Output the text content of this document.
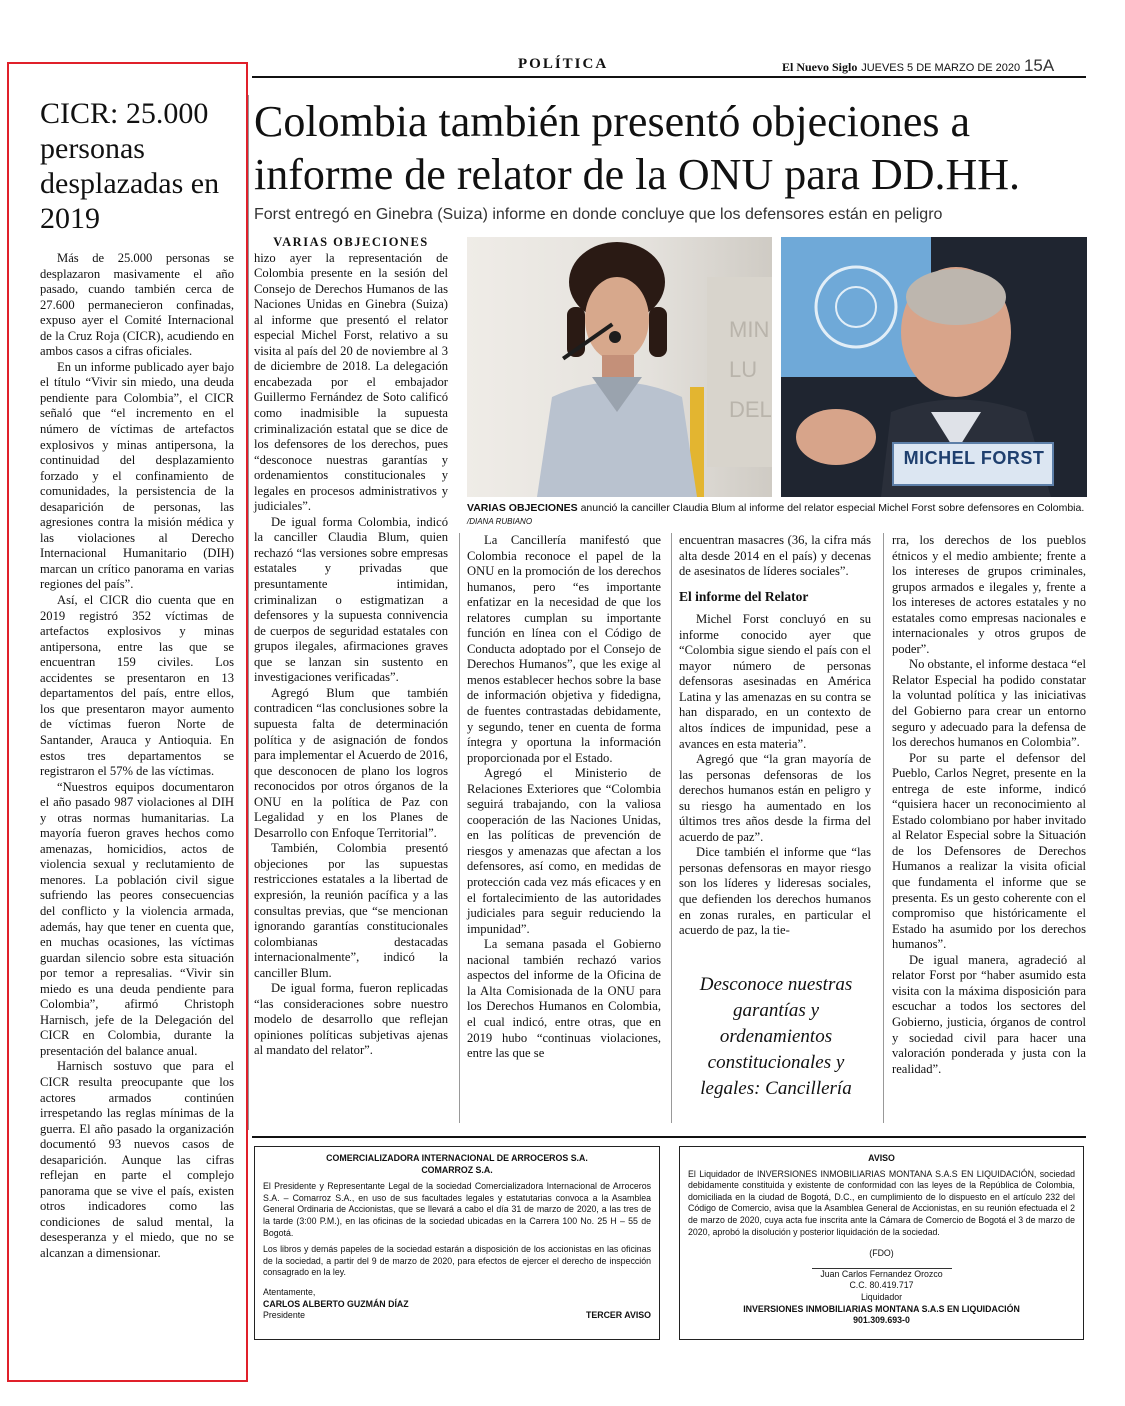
POLÍTICA	El Nuevo Siglo JUEVES 5 DE MARZO DE 2020 15A
CICR: 25.000 personas desplazadas en 2019

Más de 25.000 personas se desplazaron masivamente el año pasado, cuando también cerca de 27.600 permanecieron confinadas, expuso ayer el Comité Internacional de la Cruz Roja (CICR), acudiendo en ambos casos a cifras oficiales.

En un informe publicado ayer bajo el título “Vivir sin miedo, una deuda pendiente para Colombia”, el CICR señaló que “el incremento en el número de víctimas de artefactos explosivos y minas antipersona, la continuidad del desplazamiento forzado y el confinamiento de comunidades, la persistencia de la desaparición de personas, las agresiones contra la misión médica y las violaciones al Derecho Internacional Humanitario (DIH) marcan un crítico panorama en varias regiones del país”.

Así, el CICR dio cuenta que en 2019 registró 352 víctimas de artefactos explosivos y minas antipersona, entre las que se encuentran 159 civiles. Los accidentes se presentaron en 13 departamentos del país, entre ellos, los que presentaron mayor aumento de víctimas fueron Norte de Santander, Arauca y Antioquia. En estos tres departamentos se registraron el 57% de las víctimas.

“Nuestros equipos documentaron el año pasado 987 violaciones al DIH y otras normas humanitarias. La mayoría fueron graves hechos como amenazas, homicidios, actos de violencia sexual y reclutamiento de menores. La población civil sigue sufriendo las peores consecuencias del conflicto y la violencia armada, además, hay que tener en cuenta que, en muchas ocasiones, las víctimas guardan silencio sobre esta situación por temor a represalias. “Vivir sin miedo es una deuda pendiente para Colombia”, afirmó Christoph Harnisch, jefe de la Delegación del CICR en Colombia, durante la presentación del balance anual.

Harnisch sostuvo que para el CICR resulta preocupante que los actores armados continúen irrespetando las reglas mínimas de la guerra. El año pasado la organización documentó 93 nuevos casos de desaparición. Aunque las cifras reflejan en parte el complejo panorama que se vive el país, existen otros indicadores como las condiciones de salud mental, la desesperanza y el miedo, que no se alcanzan a dimensionar.

Colombia también presentó objeciones a informe de relator de la ONU para DD.HH.
Forst entregó en Ginebra (Suiza) informe en donde concluye que los defensores están en peligro
VARIAS OBJECIONES

hizo ayer la representación de Colombia presente en la sesión del Consejo de Derechos Humanos de las Naciones Unidas en Ginebra (Suiza) al informe que presentó el relator especial Michel Forst, relativo a su visita al país del 20 de noviembre al 3 de diciembre de 2018. La delegación encabezada por el embajador Guillermo Fernández de Soto calificó como inadmisible la supuesta criminalización estatal que se dice de los defensores de los derechos, pues “desconoce nuestras garantías y ordenamientos constitucionales y legales en procesos administrativos y judiciales”.

De igual forma Colombia, indicó la canciller Claudia Blum, quien rechazó “las versiones sobre empresas estatales y privadas que presuntamente intimidan, criminalizan o estigmatizan a defensores y la supuesta connivencia de cuerpos de seguridad estatales con grupos ilegales, afirmaciones graves que se lanzan sin sustento en investigaciones verificadas”.

Agregó Blum que también contradicen “las conclusiones sobre la supuesta falta de determinación política y de asignación de fondos para implementar el Acuerdo de 2016, que desconocen de plano los logros reconocidos por otros órganos de la ONU en la política de Paz con Legalidad y en los Planes de Desarrollo con Enfoque Territorial”.

También, Colombia presentó objeciones por las supuestas restricciones estatales a la libertad de expresión, la reunión pacífica y a las consultas previas, que “se mencionan ignorando garantías constitucionales colombianas destacadas internacionalmente”, indicó la canciller Blum.

De igual forma, fueron replicadas “las consideraciones sobre nuestro modelo de desarrollo que reflejan opiniones políticas subjetivas ajenas al mandato del relator”.

MIN
LU
DEL
MICHEL FORST
VARIAS OBJECIONES anunció la canciller Claudia Blum al informe del relator especial Michel Forst sobre defensores en Colombia. /DIANA RUBIANO

La Cancillería manifestó que Colombia reconoce el papel de la ONU en la promoción de los derechos humanos, pero “es importante enfatizar en la necesidad de que los relatores cumplan su importante función en línea con el Código de Conducta adoptado por el Consejo de Derechos Humanos”, que les exige al menos establecer hechos sobre la base de información objetiva y fidedigna, de fuentes contrastadas debidamente, y segundo, tener en cuenta de forma íntegra y oportuna la información proporcionada por el Estado.

Agregó el Ministerio de Relaciones Exteriores que “Colombia seguirá trabajando, con la valiosa cooperación de las Naciones Unidas, en las políticas de prevención de riesgos y amenazas que afectan a los defensores, así como, en medidas de protección cada vez más eficaces y en el fortalecimiento de las autoridades judiciales para seguir reduciendo la impunidad”.

La semana pasada el Gobierno nacional también rechazó varios aspectos del informe de la Oficina de la Alta Comisionada de la ONU para los Derechos Humanos en Colombia, el cual indicó, entre otras, que en 2019 hubo “continuas violaciones, entre las que se

encuentran masacres (36, la cifra más alta desde 2014 en el país) y decenas de asesinatos de líderes sociales”.

El informe del Relator

Michel Forst concluyó en su informe conocido ayer que “Colombia sigue siendo el país con el mayor número de personas defensoras asesinadas en América Latina y las amenazas en su contra se han disparado, en un contexto de altos índices de impunidad, pese a avances en esta materia”.

Agregó que “la gran mayoría de las personas defensoras de los derechos humanos están en peligro y su riesgo ha aumentado en los últimos tres años desde la firma del acuerdo de paz”.

Dice también el informe que “las personas defensoras en mayor riesgo son los líderes y lideresas sociales, que defienden los derechos humanos en zonas rurales, en particular el acuerdo de paz, la tie-

Desconoce nuestras garantías y ordenamientos constitucionales y legales: Cancillería

rra, los derechos de los pueblos étnicos y el medio ambiente; frente a los intereses de grupos criminales, grupos armados e ilegales y, frente a los intereses de actores estatales y no estatales como empresas nacionales e internacionales y otros grupos de poder”.

No obstante, el informe destaca “el Relator Especial ha podido constatar la voluntad política y las iniciativas del Gobierno para crear un entorno seguro y adecuado para la defensa de los derechos humanos en Colombia”.

Por su parte el defensor del Pueblo, Carlos Negret, presente en la entrega de este informe, indicó “quisiera hacer un reconocimiento al Estado colombiano por haber invitado al Relator Especial sobre la Situación de los Defensores de Derechos Humanos a realizar la visita oficial que fundamenta el informe que se presenta. Es un gesto coherente con el compromiso que históricamente el Estado ha asumido por los derechos humanos”.

De igual manera, agradeció al relator Forst por “haber asumido esta visita con la máxima disposición para escuchar a todos los sectores del Gobierno, justicia, órganos de control y sociedad civil para hacer una valoración ponderada y justa con la realidad”.

COMERCIALIZADORA INTERNACIONAL DE ARROCEROS S.A.
COMARROZ S.A.
El Presidente y Representante Legal de la sociedad Comercializadora Internacional de Arroceros S.A. – Comarroz S.A., en uso de sus facultades legales y estatutarias convoca a la Asamblea General Ordinaria de Accionistas, que se llevará a cabo el día 31 de marzo de 2020, a las tres de la tarde (3:00 P.M.), en las oficinas de la sociedad ubicadas en la Carrera 100 No. 25 H – 55 de Bogotá.
Los libros y demás papeles de la sociedad estarán a disposición de los accionistas en las oficinas de la sociedad, a partir del 9 de marzo de 2020, para efectos de ejercer el derecho de inspección consagrado en la ley.
Atentamente,
CARLOS ALBERTO GUZMÁN DÍAZ
Presidente	TERCER AVISO
AVISO
El Liquidador de INVERSIONES INMOBILIARIAS MONTANA S.A.S EN LIQUIDACIÓN, sociedad debidamente constituida y existente de conformidad con las leyes de la República de Colombia, domiciliada en la ciudad de Bogotá, D.C., en cumplimiento de lo dispuesto en el artículo 232 del Código de Comercio, avisa que la Asamblea General de Accionistas, en su reunión efectuada el 2 de marzo de 2020, cuya acta fue inscrita ante la Cámara de Comercio de Bogotá el 3 de marzo de 2020, aprobó la disolución y posterior liquidación de la sociedad.
(FDO)
Juan Carlos Fernandez Orozco
C.C. 80.419.717
Liquidador
INVERSIONES INMOBILIARIAS MONTANA S.A.S EN LIQUIDACIÓN
901.309.693-0
